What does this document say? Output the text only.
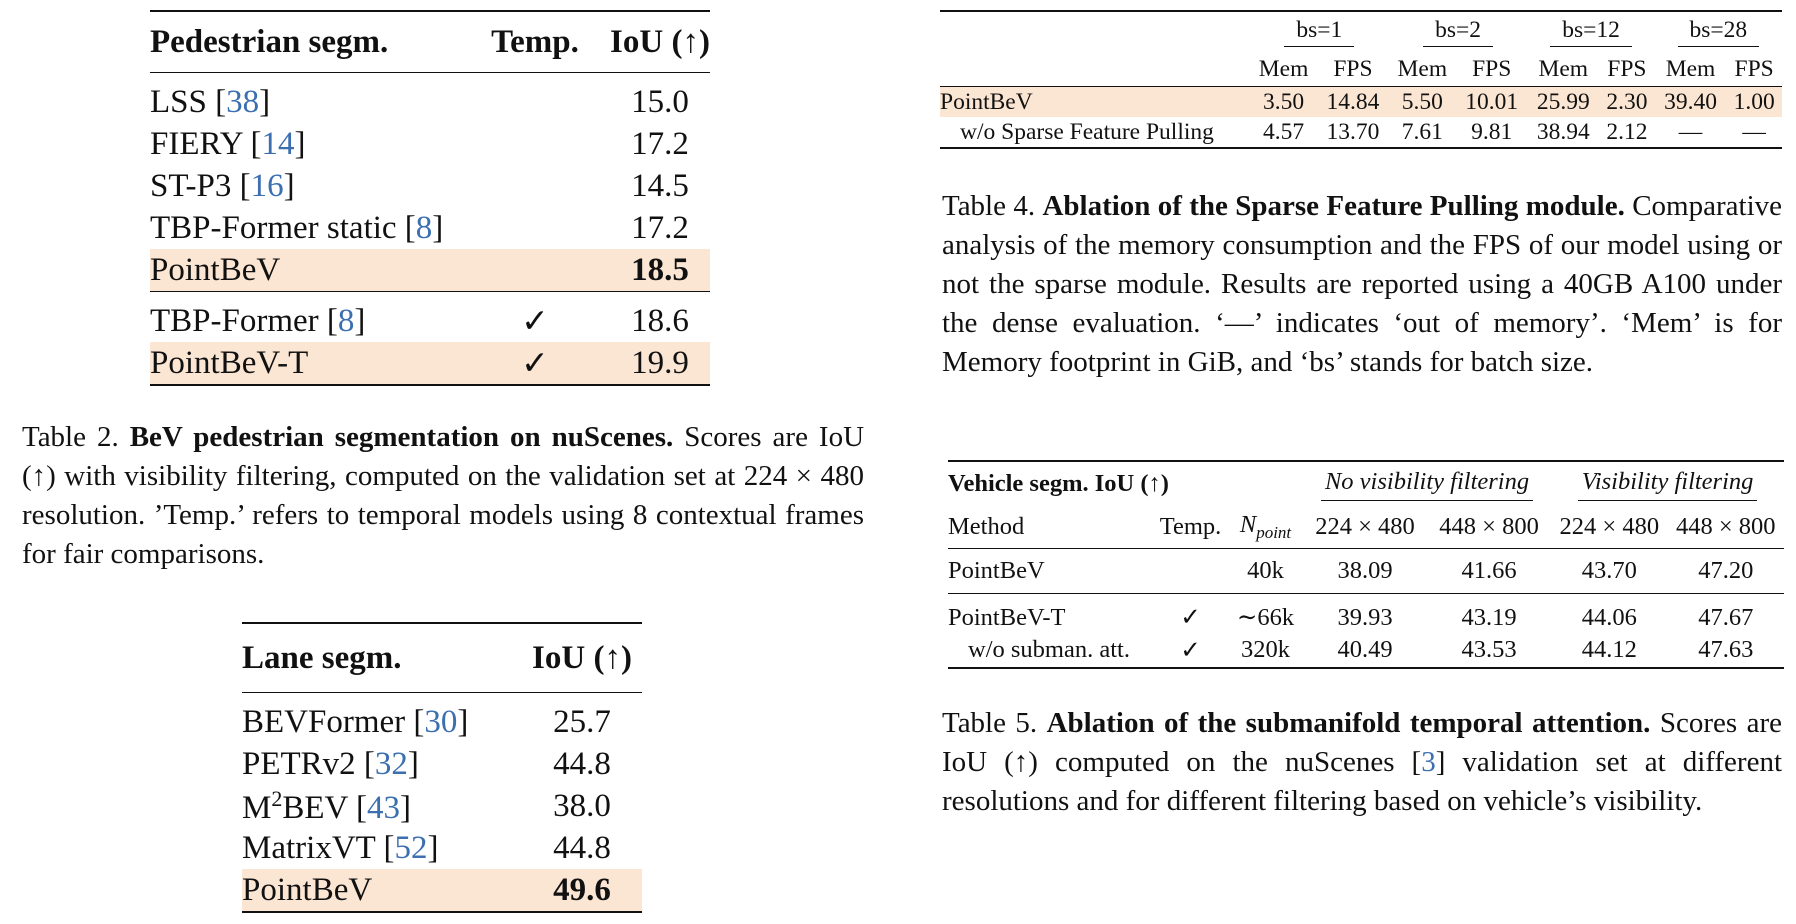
Pedestrian segm.	Temp.	IoU (↑)

LSS [38]		15.0
FIERY [14]		17.2
ST-P3 [16]		14.5
TBP-Former static [8]		17.2
PointBeV		18.5

TBP-Former [8]	✓	18.6
PointBeV-T	✓	19.9
Table 2. BeV pedestrian segmentation on nuScenes. Scores are IoU (↑) with visibility filtering, computed on the validation set at 224 × 480 resolution. ’Temp.’ refers to temporal models using 8 contextual frames for fair comparisons.
Lane segm.	IoU (↑)

BEVFormer [30]	25.7
PETRv2 [32]	44.8
$M^2BEV$ [43]	38.0
MatrixVT [52]	44.8
PointBeV	49.6
	bs=1		bs=2		bs=12		bs=28	
	Mem	FPS	Mem	FPS	Mem	FPS	Mem	FPS
PointBeV	3.50	14.84	5.50	10.01	25.99	2.30	39.40	1.00
w/o Sparse Feature Pulling	4.57	13.70	7.61	9.81	38.94	2.12	—	—
Table 4. Ablation of the Sparse Feature Pulling module. Comparative analysis of the memory consumption and the FPS of our model using or not the sparse module. Results are reported using a 40GB A100 under the dense evaluation. ‘—’ indicates ‘out of memory’. ‘Mem’ is for Memory footprint in GiB, and ‘bs’ stands for batch size.
Vehicle segm. IoU (↑)			No visibility filtering		Visibility filtering	
Method	Temp.	$N_{point}$	224 × 480	448 × 800	224 × 480	448 × 800
PointBeV		40k	38.09	41.66	43.70	47.20
PointBeV-T	✓	∼66k	39.93	43.19	44.06	47.67
w/o subman. att.	✓	320k	40.49	43.53	44.12	47.63
Table 5. Ablation of the submanifold temporal attention. Scores are IoU (↑) computed on the nuScenes [3] validation set at different resolutions and for different filtering based on vehicle’s visibility.
